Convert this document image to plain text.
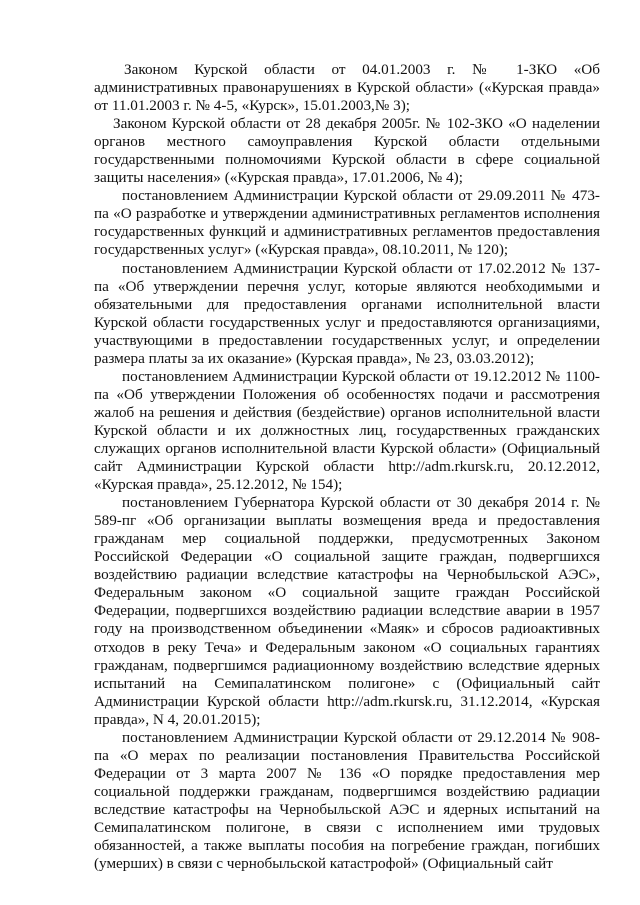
Законом Курской области от 04.01.2003 г. № 1-ЗКО «Об административных правонарушениях в Курской области» («Курская правда» от 11.01.2003 г. № 4-5, «Курск», 15.01.2003,№ 3);

Законом Курской области от 28 декабря 2005г. № 102-ЗКО «О наделении органов местного самоуправления Курской области отдельными государственными полномочиями Курской области в сфере социальной защиты населения» («Курская правда», 17.01.2006, № 4);

постановлением Администрации Курской области от 29.09.2011 № 473-па «О разработке и утверждении административных регламентов исполнения государственных функций и административных регламентов предоставления государственных услуг» («Курская правда», 08.10.2011, № 120);

постановлением Администрации Курской области от 17.02.2012 № 137-па «Об утверждении перечня услуг, которые являются необходимыми и обязательными для предоставления органами исполнительной власти Курской области государственных услуг и предоставляются организациями, участвующими в предоставлении государственных услуг, и определении размера платы за их оказание» (Курская правда», № 23, 03.03.2012);

постановлением Администрации Курской области от 19.12.2012 № 1100-па «Об утверждении Положения об особенностях подачи и рассмотрения жалоб на решения и действия (бездействие) органов исполнительной власти Курской области и их должностных лиц, государственных гражданских служащих органов исполнительной власти Курской области» (Официальный сайт Администрации Курской области http://adm.rkursk.ru, 20.12.2012, «Курская правда», 25.12.2012, № 154);

постановлением Губернатора Курской области от 30 декабря 2014 г. № 589-пг «Об организации выплаты возмещения вреда и предоставления гражданам мер социальной поддержки, предусмотренных Законом Российской Федерации «О социальной защите граждан, подвергшихся воздействию радиации вследствие катастрофы на Чернобыльской АЭС», Федеральным законом «О социальной защите граждан Российской Федерации, подвергшихся воздействию радиации вследствие аварии в 1957 году на производственном объединении «Маяк» и сбросов радиоактивных отходов в реку Теча» и Федеральным законом «О социальных гарантиях гражданам, подвергшимся радиационному воздействию вследствие ядерных испытаний на Семипалатинском полигоне» с (Официальный сайт Администрации Курской области http://adm.rkursk.ru, 31.12.2014, «Курская правда», N 4, 20.01.2015);

постановлением Администрации Курской области от 29.12.2014 № 908-па «О мерах по реализации постановления Правительства Российской Федерации от 3 марта 2007 № 136 «О порядке предоставления мер социальной поддержки гражданам, подвергшимся воздействию радиации вследствие катастрофы на Чернобыльской АЭС и ядерных испытаний на Семипалатинском полигоне, в связи с исполнением ими трудовых обязанностей, а также выплаты пособия на погребение граждан, погибших (умерших) в связи с чернобыльской катастрофой» (Официальный сайт
